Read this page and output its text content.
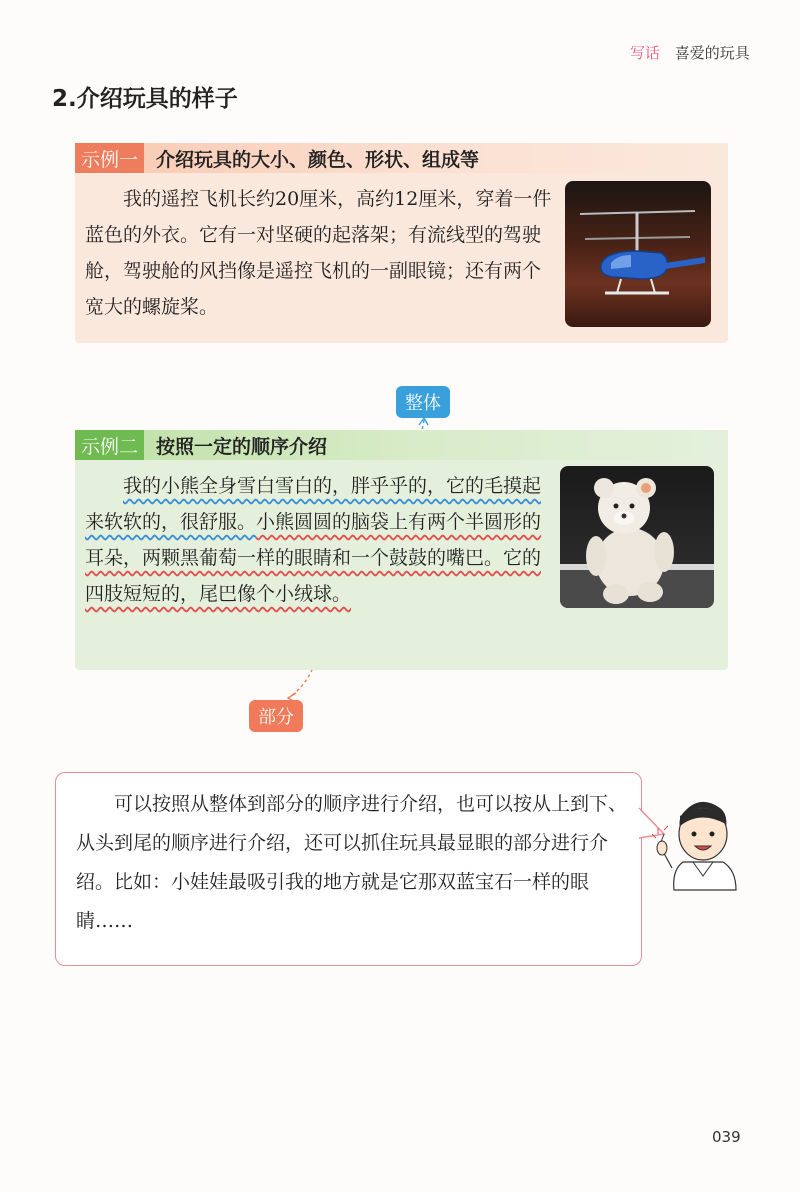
写话 喜爱的玩具
2.介绍玩具的样子
示例一 介绍玩具的大小、颜色、形状、组成等

我的遥控飞机长约20厘米，高约12厘米，穿着一件蓝色的外衣。它有一对坚硬的起落架；有流线型的驾驶舱，驾驶舱的风挡像是遥控飞机的一副眼镜；还有两个宽大的螺旋桨。

整体
示例二 按照一定的顺序介绍

我的小熊全身雪白雪白的，胖乎乎的，它的毛摸起来软软的，很舒服。小熊圆圆的脑袋上有两个半圆形的耳朵，两颗黑葡萄一样的眼睛和一个鼓鼓的嘴巴。它的四肢短短的，尾巴像个小绒球。

部分

可以按照从整体到部分的顺序进行介绍，也可以按从上到下、从头到尾的顺序进行介绍，还可以抓住玩具最显眼的部分进行介绍。比如：小娃娃最吸引我的地方就是它那双蓝宝石一样的眼睛……

039
